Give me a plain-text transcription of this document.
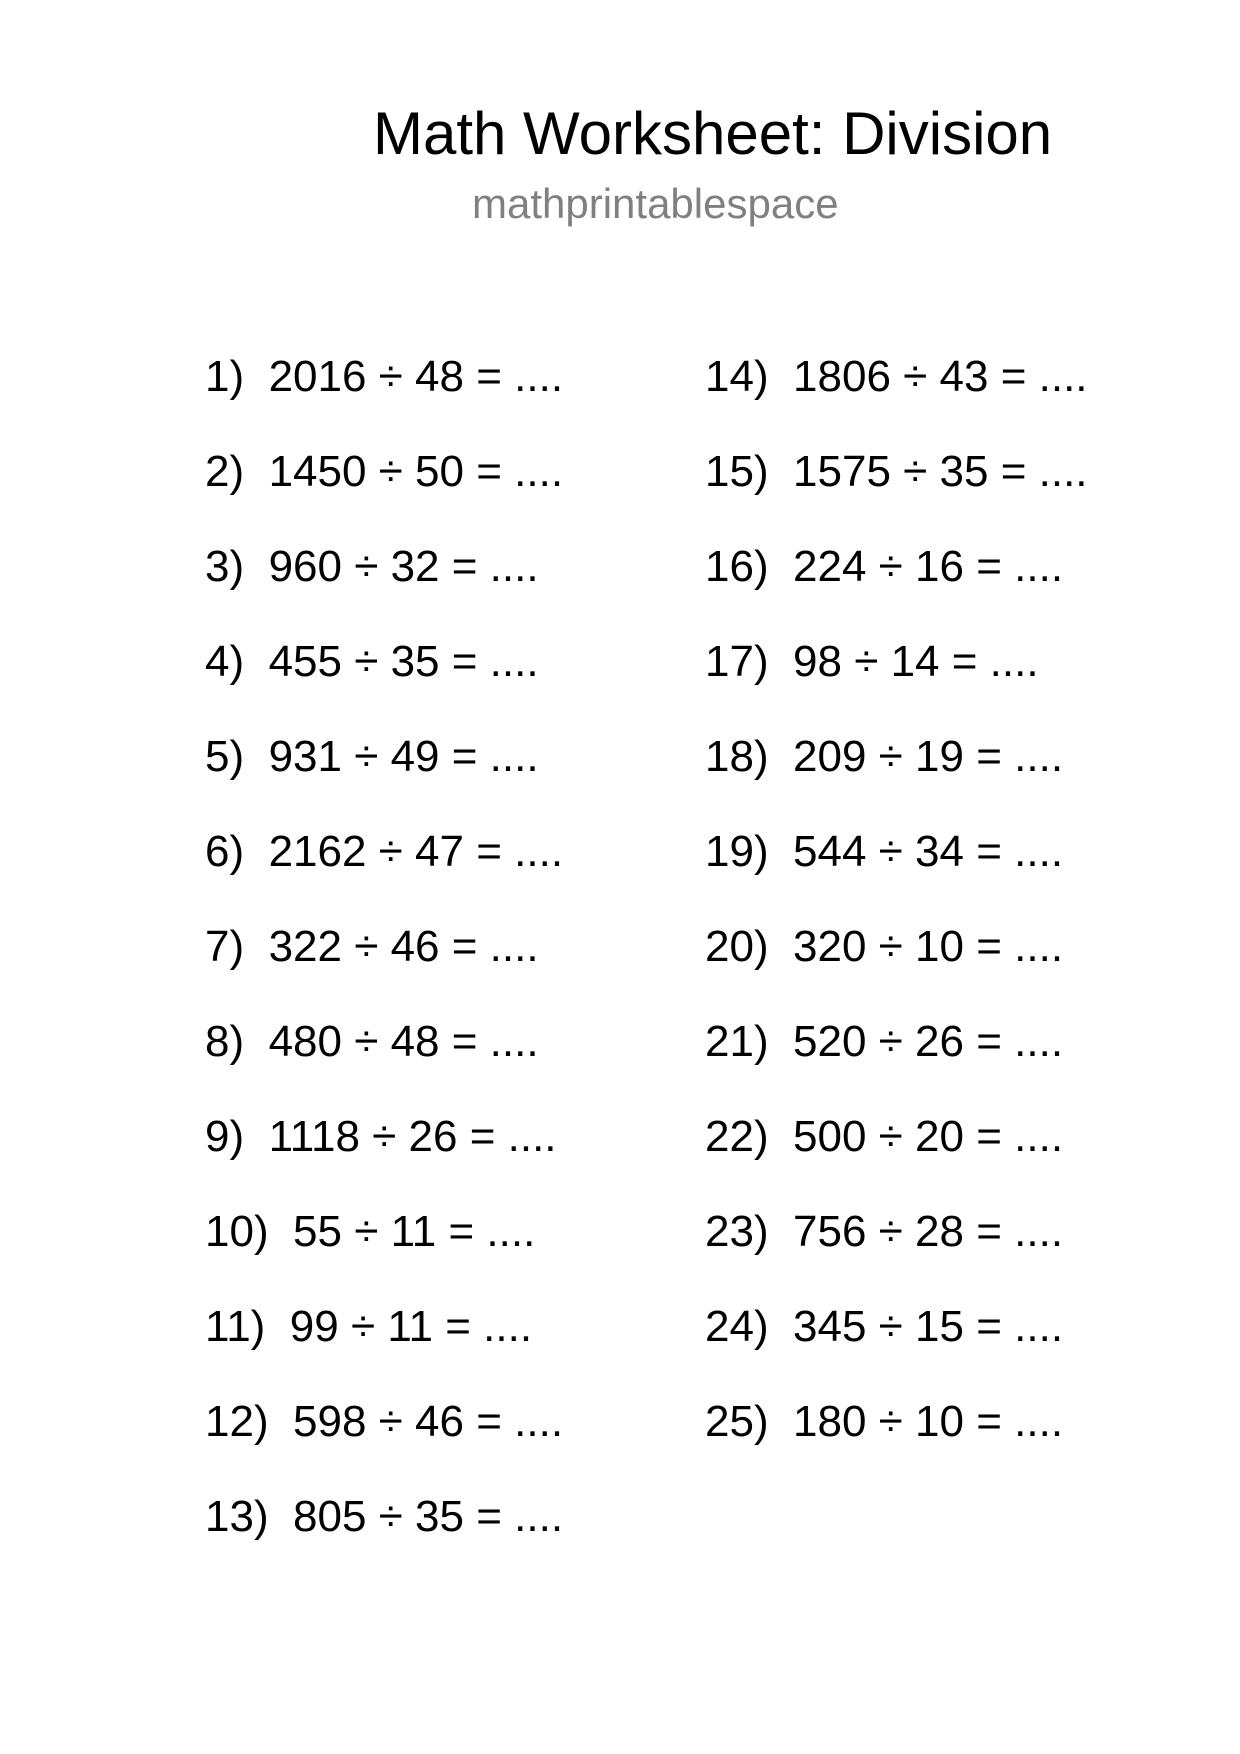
Math Worksheet: Division
mathprintablespace
1) 2016 ÷ 48 = ....
2) 1450 ÷ 50 = ....
3) 960 ÷ 32 = ....
4) 455 ÷ 35 = ....
5) 931 ÷ 49 = ....
6) 2162 ÷ 47 = ....
7) 322 ÷ 46 = ....
8) 480 ÷ 48 = ....
9) 1118 ÷ 26 = ....
10) 55 ÷ 11 = ....
11) 99 ÷ 11 = ....
12) 598 ÷ 46 = ....
13) 805 ÷ 35 = ....
14) 1806 ÷ 43 = ....
15) 1575 ÷ 35 = ....
16) 224 ÷ 16 = ....
17) 98 ÷ 14 = ....
18) 209 ÷ 19 = ....
19) 544 ÷ 34 = ....
20) 320 ÷ 10 = ....
21) 520 ÷ 26 = ....
22) 500 ÷ 20 = ....
23) 756 ÷ 28 = ....
24) 345 ÷ 15 = ....
25) 180 ÷ 10 = ....
